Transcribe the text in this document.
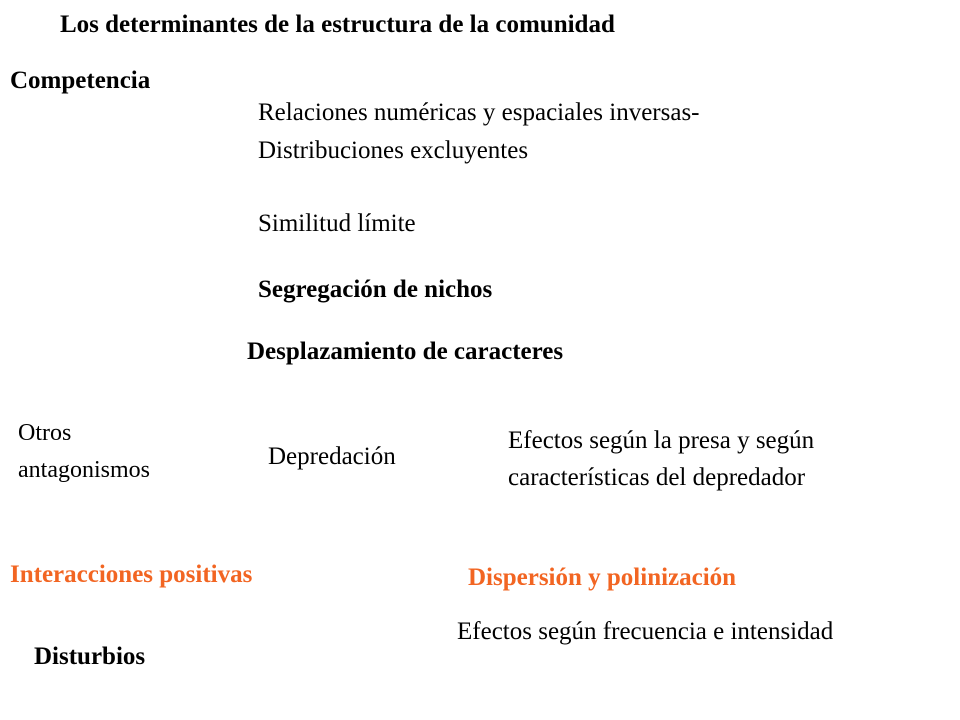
Los determinantes de la estructura de la comunidad
Competencia
Relaciones numéricas y espaciales inversas-
Distribuciones excluyentes
Similitud límite
Segregación de nichos
Desplazamiento de caracteres
Otros
antagonismos	Depredación
Efectos según la presa y según
características del depredador
Interacciones positivas	Dispersión y polinización
Efectos según frecuencia e intensidad
Disturbios
